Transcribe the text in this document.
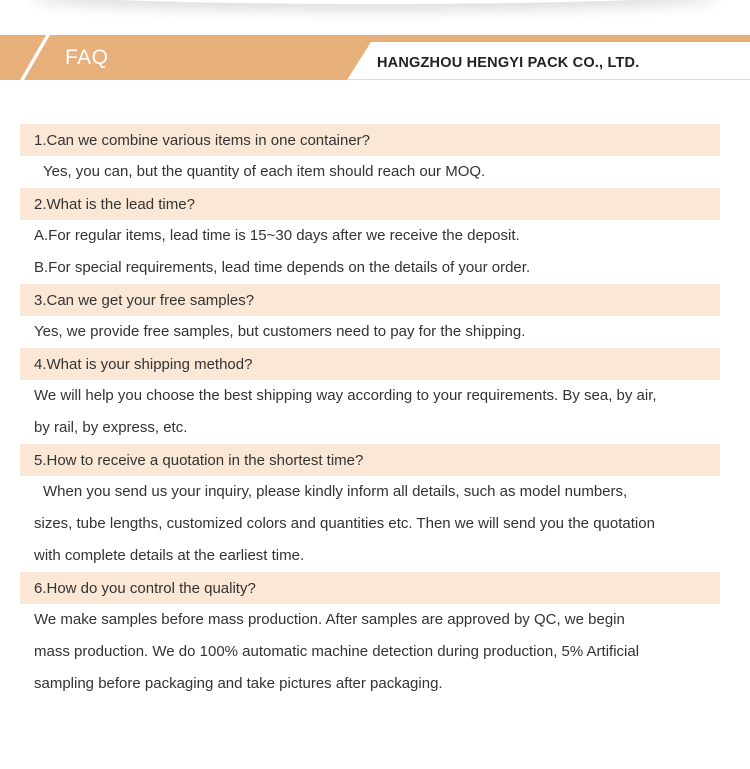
FAQ	HANGZHOU HENGYI PACK CO., LTD.
1.Can we combine various items in one container?
Yes, you can, but the quantity of each item should reach our MOQ.
2.What is the lead time?
A.For regular items, lead time is 15~30 days after we receive the deposit.
B.For special requirements, lead time depends on the details of your order.
3.Can we get your free samples?
Yes, we provide free samples, but customers need to pay for the shipping.
4.What is your shipping method?
We will help you choose the best shipping way according to your requirements. By sea, by air,
by rail, by express, etc.
5.How to receive a quotation in the shortest time?
When you send us your inquiry, please kindly inform all details, such as model numbers,
sizes, tube lengths, customized colors and quantities etc. Then we will send you the quotation
with complete details at the earliest time.
6.How do you control the quality?
We make samples before mass production. After samples are approved by QC, we begin
mass production. We do 100% automatic machine detection during production, 5% Artificial
sampling before packaging and take pictures after packaging.
